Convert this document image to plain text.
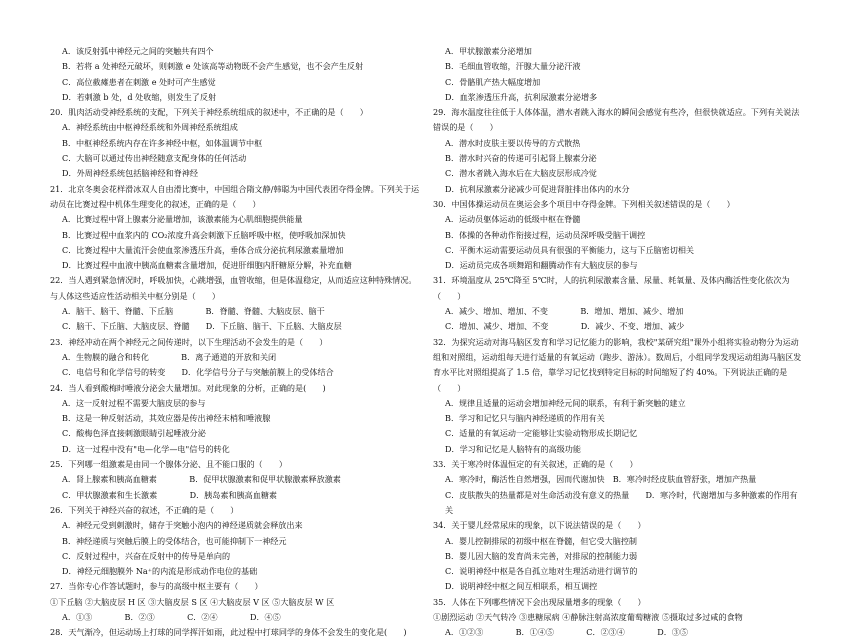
A．该反射弧中神经元之间的突触共有四个
B．若将 a 处神经元破坏，则刺激 e 处该高等动物既不会产生感觉，也不会产生反射
C．高位截瘫患者在刺激 e 处时可产生感觉
D．若刺激 b 处，d 处收缩，则发生了反射
20．肌肉活动受神经系统的支配，下列关于神经系统组成的叙述中，不正确的是（　　）
A．神经系统由中枢神经系统和外周神经系统组成
B．中枢神经系统内存在许多神经中枢，如体温调节中枢
C．大脑可以通过传出神经随意支配身体的任何活动
D．外周神经系统包括脑神经和脊神经
21．北京冬奥会花样滑冰双人自由滑比赛中，中国组合隋文静/韩聪为中国代表团夺得金牌。下列关于运动员在比赛过程中机体生理变化的叙述，正确的是（　　）
A．比赛过程中肾上腺素分泌量增加，该激素能为心肌细胞提供能量
B．比赛过程中血浆内的 CO₂浓度升高会刺激下丘脑呼吸中枢，使呼吸加深加快
C．比赛过程中大量流汗会使血浆渗透压升高，垂体合成分泌抗利尿激素量增加
D．比赛过程中血液中胰高血糖素含量增加，促进肝细胞内肝糖原分解，补充血糖
22．当人遇到紧急情况时，呼吸加快，心跳增强，血管收缩，但是体温稳定，从而适应这种特殊情况。与人体这些适应性活动相关中枢分别是（　　）
A．脑干、脑干、脊髓、下丘脑　　　　B．脊髓、脊髓、大脑皮层、脑干
C．脑干、下丘脑、大脑皮层、脊髓　　D．下丘脑、脑干、下丘脑、大脑皮层
23．神经冲动在两个神经元之间传递时，以下生理活动不会发生的是（　　）
A．生物膜的融合和转化　　　　B．离子通道的开放和关闭
C．电信号和化学信号的转变　　D．化学信号分子与突触前膜上的受体结合
24．当人看到酸梅时唾液分泌会大量增加。对此现象的分析，正确的是(　　)
A．这一反射过程不需要大脑皮层的参与
B．这是一种反射活动，其效应器是传出神经末梢和唾液腺
C．酸梅色泽直接刺激眼睛引起唾液分泌
D．这一过程中没有"电—化学—电"信号的转化
25．下列哪一组激素是由同一个腺体分泌、且不能口服的（　　）
A．肾上腺素和胰高血糖素　　　　B．促甲状腺激素和促甲状腺激素释放激素
C．甲状腺激素和生长激素　　　　D．胰岛素和胰高血糖素
26．下列关于神经兴奋的叙述，不正确的是（　　）
A．神经元受到刺激时，储存于突触小泡内的神经递质就会释放出来
B．神经递质与突触后膜上的受体结合，也可能抑制下一神经元
C．反射过程中，兴奋在反射中的传导是单向的
D．神经元细胞膜外 Na⁺的内流是形成动作电位的基础
27．当你专心作答试题时，参与的高级中枢主要有（　　）
①下丘脑 ②大脑皮层 H 区 ③大脑皮层 S 区 ④大脑皮层 V 区 ⑤大脑皮层 W 区
A．①③　　　　B．②③　　　　C．②④　　　　D．④⑤
28．天气渐冷，但运动场上打球的同学挥汗如雨，此过程中打球同学的身体不会发生的变化是(　　)
A．甲状腺激素分泌增加
B．毛细血管收缩，汗腺大量分泌汗液
C．骨骼肌产热大幅度增加
D．血浆渗透压升高，抗利尿激素分泌增多
29．海水温度往往低于人体体温，潜水者跳入海水的瞬间会感觉有些冷，但很快就适应。下列有关说法错误的是（　　）
A．潜水时皮肤主要以传导的方式散热
B．潜水时兴奋的传递可引起肾上腺素分泌
C．潜水者跳入海水后在大脑皮层形成冷觉
D．抗利尿激素分泌减少可促进肾脏排出体内的水分
30．中国体操运动员在奥运会多个项目中夺得金牌。下列相关叙述错误的是（　　）
A．运动员躯体运动的低级中枢在脊髓
B．体操的各种动作衔接过程，运动员深呼吸受脑干调控
C．平衡木运动需要运动员具有很强的平衡能力，这与下丘脑密切相关
D．运动员完成各项舞蹈和翻腾动作有大脑皮层的参与
31．环境温度从 25℃降至 5℃时，人的抗利尿激素含量、尿量、耗氧量、及体内酶活性变化依次为（　　）
A．减少、增加、增加、不变　　　　B．增加、增加、减少、增加
C．增加、减少、增加、不变　　　　D．减少、不变、增加、减少
32．为探究运动对海马脑区发育和学习记忆能力的影响，我校"某研究组"课外小组将实验动物分为运动组和对照组，运动组每天进行适量的有氧运动（跑步、游泳）。数周后，小组同学发现运动组海马脑区发育水平比对照组提高了 1.5 倍，靠学习记忆找到特定目标的时间缩短了约 40%。下列说法正确的是（　　）
A．规律且适量的运动会增加神经元间的联系，有利于新突触的建立
B．学习和记忆只与脑内神经递质的作用有关
C．适量的有氧运动一定能够让实验动物形成长期记忆
D．学习和记忆是人脑特有的高级功能
33．关于寒冷时体温恒定的有关叙述，正确的是（　　）
A．寒冷时，酶活性自然增强，因而代谢加快　B．寒冷时经皮肤血管舒张，增加产热量
C．皮肤散失的热量都是对生命活动没有意义的热量　　D．寒冷时，代谢增加与多种激素的作用有关
34．关于婴儿经常尿床的现象，以下说法错误的是（　　）
A．婴儿控制排尿的初级中枢在脊髓，但它受大脑控制
B．婴儿因大脑的发育尚未完善，对排尿的控制能力弱
C．说明神经中枢是各自孤立地对生理活动进行调节的
D．说明神经中枢之间互相联系，相互调控
35．人体在下列哪些情况下会出现尿量增多的现象（　　）
①剧烈运动 ②天气转冷 ③患糖尿病 ④静脉注射高浓度葡萄糖液 ⑤摄取过多过咸的食物
A．①②③　　　　B．①④⑤　　　　C．②③④　　　　D．③⑤
